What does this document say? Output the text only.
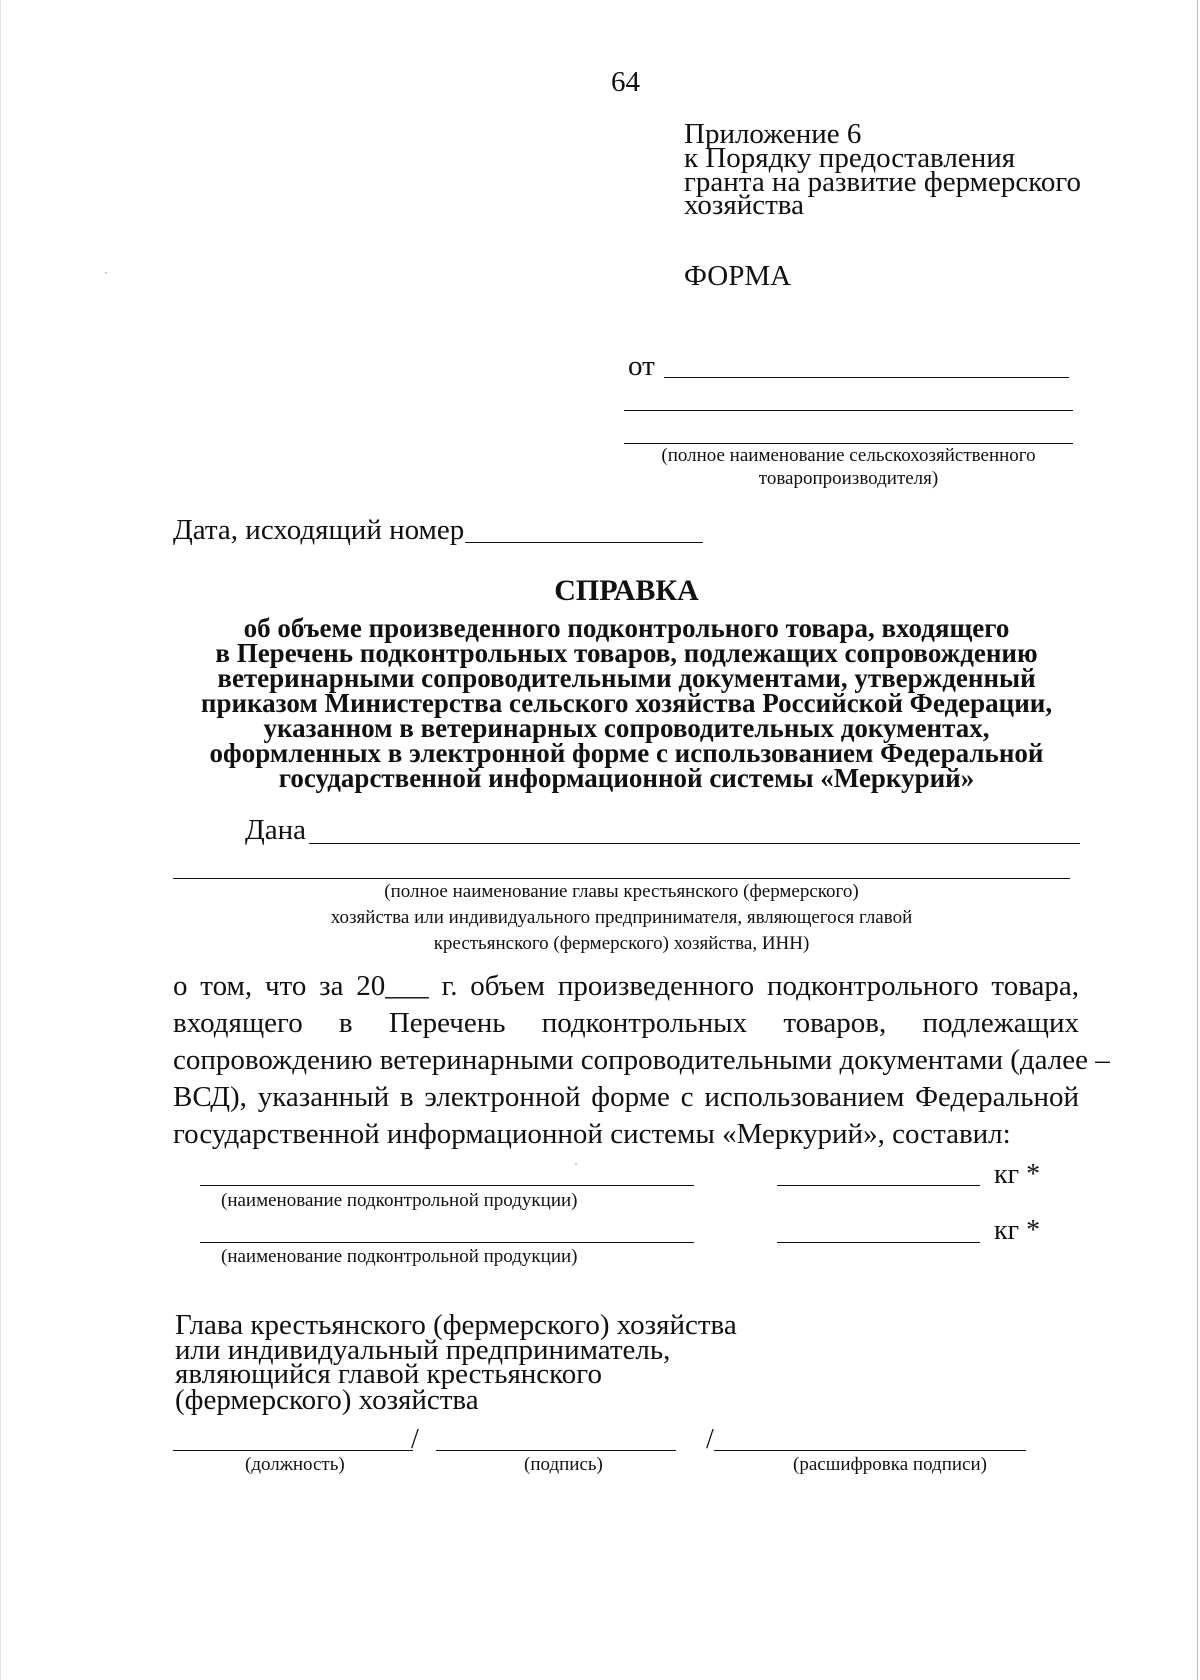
64
Приложение 6
к Порядку предоставления
гранта на развитие фермерского
хозяйства
ФОРМА
от
(полное наименование сельскохозяйственного
товаропроизводителя)
Дата, исходящий номер
СПРАВКА
об объеме произведенного подконтрольного товара, входящего
в Перечень подконтрольных товаров, подлежащих сопровождению
ветеринарными сопроводительными документами, утвержденный
приказом Министерства сельского хозяйства Российской Федерации,
указанном в ветеринарных сопроводительных документах,
оформленных в электронной форме с использованием Федеральной
государственной информационной системы «Меркурий»
Дана
(полное наименование главы крестьянского (фермерского)
хозяйства или индивидуального предпринимателя, являющегося главой
крестьянского (фермерского) хозяйства, ИНН)
о том, что за 20___ г. объем произведенного подконтрольного товара,
входящего в Перечень подконтрольных товаров, подлежащих
сопровождению ветеринарными сопроводительными документами (далее –
ВСД), указанный в электронной форме с использованием Федеральной
государственной информационной системы «Меркурий», составил:
кг *
(наименование подконтрольной продукции)
кг *
(наименование подконтрольной продукции)
Глава крестьянского (фермерского) хозяйства
или индивидуальный предприниматель,
являющийся главой крестьянского
(фермерского) хозяйства
/	/
(должность)	(подпись)	(расшифровка подписи)
